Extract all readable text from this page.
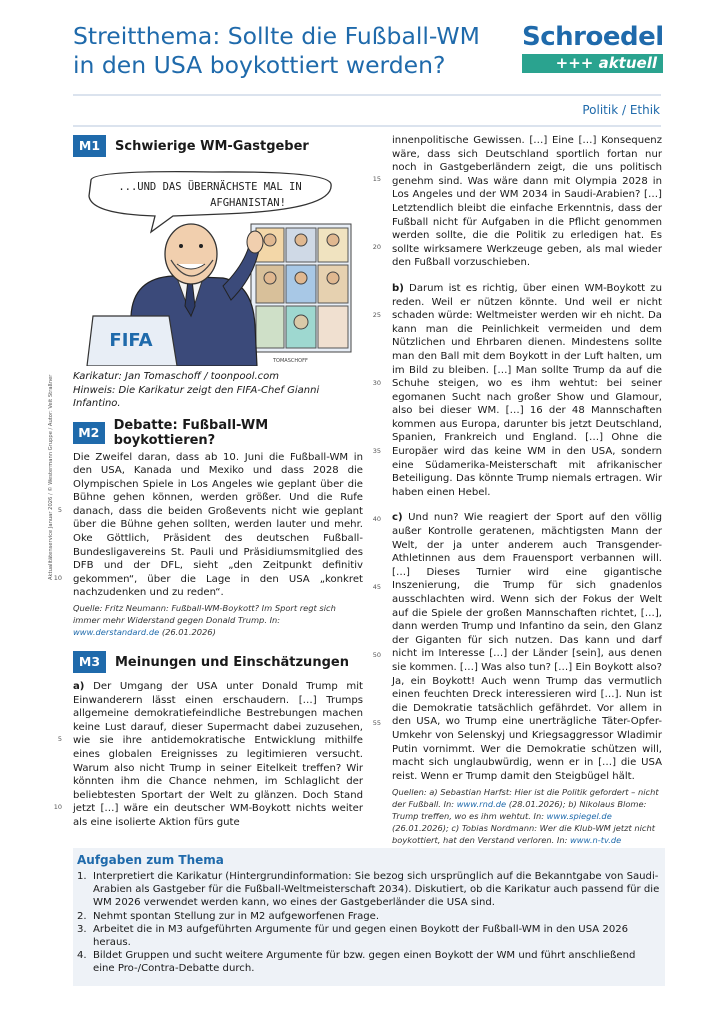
Streitthema: Sollte die Fußball-WM
in den USA boykottiert werden?
Schroedel
+++ aktuell
Politik / Ethik
Aktualitätenservice Januar 2026 / © Westermann Gruppe / Autor: Veit Straßner
M1	Schwierige WM-Gastgeber
...UND DAS ÜBERNÄCHSTE MAL IN
AFGHANISTAN!
FIFA
TOMASCHOFF
Karikatur: Jan Tomaschoff / toonpool.com
Hinweis: Die Karikatur zeigt den FIFA-Chef Gianni Infantino.
M2	Debatte: Fußball-WM boykottieren?
5
10
Die Zweifel daran, dass ab 10. Juni die Fußball-WM in den USA, Kanada und Mexiko und dass 2028 die Olympischen Spiele in Los Angeles wie geplant über die Bühne gehen können, werden größer. Und die Rufe danach, dass die beiden Großevents nicht wie geplant über die Bühne gehen sollten, werden lauter und mehr. Oke Göttlich, Präsident des deutschen Fußball-Bundesligavereins St. Pauli und Präsidiumsmitglied des DFB und der DFL, sieht „den Zeitpunkt definitiv gekommen“, über die Lage in den USA „konkret nachzudenken und zu reden“.
Quelle: Fritz Neumann: Fußball-WM-Boykott? Im Sport regt sich immer mehr Widerstand gegen Donald Trump. In: www.derstandard.de (26.01.2026)
M3	Meinungen und Einschätzungen
5
10
a) Der Umgang der USA unter Donald Trump mit Einwanderern lässt einen erschaudern. […] Trumps allgemeine demokratiefeindliche Bestrebungen machen keine Lust darauf, dieser Supermacht dabei zuzusehen, wie sie ihre antidemokratische Entwicklung mithilfe eines globalen Ereignisses zu legitimieren versucht. Warum also nicht Trump in seiner Eitelkeit treffen? Wir könnten ihm die Chance nehmen, im Schlaglicht der beliebtesten Sportart der Welt zu glänzen. Doch Stand jetzt […] wäre ein deutscher WM-Boykott nichts weiter als eine isolierte Aktion fürs gute
15
20
25
30
35
40
45
50
55
innenpolitische Gewissen. […] Eine […] Konsequenz wäre, dass sich Deutschland sportlich fortan nur noch in Gastgeberländern zeigt, die uns politisch genehm sind. Was wäre dann mit Olympia 2028 in Los Angeles und der WM 2034 in Saudi-Arabien? […] Letztendlich bleibt die einfache Erkenntnis, dass der Fußball nicht für Aufgaben in die Pflicht genommen werden sollte, die die Politik zu erledigen hat. Es sollte wirksamere Werkzeuge geben, als mal wieder den Fußball vorzuschieben.
b) Darum ist es richtig, über einen WM-Boykott zu reden. Weil er nützen könnte. Und weil er nicht schaden würde: Weltmeister werden wir eh nicht. Da kann man die Peinlichkeit vermeiden und dem Nützlichen und Ehrbaren dienen. Mindestens sollte man den Ball mit dem Boykott in der Luft halten, um im Bild zu bleiben. […] Man sollte Trump da auf die Schuhe steigen, wo es ihm wehtut: bei seiner egomanen Sucht nach großer Show und Glamour, also bei dieser WM. […] 16 der 48 Mannschaften kommen aus Europa, darunter bis jetzt Deutschland, Spanien, Frankreich und England. […] Ohne die Europäer wird das keine WM in den USA, sondern eine Südamerika-Meisterschaft mit afrikanischer Beteiligung. Das könnte Trump niemals ertragen. Wir haben einen Hebel.
c) Und nun? Wie reagiert der Sport auf den völlig außer Kontrolle geratenen, mächtigsten Mann der Welt, der ja unter anderem auch Transgender-Athletinnen aus dem Frauensport verbannen will. […] Dieses Turnier wird eine gigantische Inszenierung, die Trump für sich gnadenlos ausschlachten wird. Wenn sich der Fokus der Welt auf die Spiele der großen Mannschaften richtet, […], dann werden Trump und Infantino da sein, den Glanz der Giganten für sich nutzen. Das kann und darf nicht im Interesse […] der Länder [sein], aus denen sie kommen. […] Was also tun? […] Ein Boykott also? Ja, ein Boykott! Auch wenn Trump das vermutlich einen feuchten Dreck interessieren wird […]. Nun ist die Demokratie tatsächlich gefährdet. Vor allem in den USA, wo Trump eine unerträgliche Täter-Opfer-Umkehr von Selenskyj und Kriegsaggressor Wladimir Putin vornimmt. Wer die Demokratie schützen will, macht sich unglaubwürdig, wenn er in […] die USA reist. Wenn er Trump damit den Steigbügel hält.
Quellen: a) Sebastian Harfst: Hier ist die Politik gefordert – nicht der Fußball. In: www.rnd.de (28.01.2026); b) Nikolaus Blome: Trump treffen, wo es ihm wehtut. In: www.spiegel.de (26.01.2026); c) Tobias Nordmann: Wer die Klub-WM jetzt nicht boykottiert, hat den Verstand verloren. In: www.n-tv.de
Aufgaben zum Thema
1. Interpretiert die Karikatur (Hintergrundinformation: Sie bezog sich ursprünglich auf die Bekanntgabe von Saudi-Arabien als Gastgeber für die Fußball-Weltmeisterschaft 2034). Diskutiert, ob die Karikatur auch passend für die WM 2026 verwendet werden kann, wo eines der Gastgeberländer die USA sind.
2. Nehmt spontan Stellung zur in M2 aufgeworfenen Frage.
3. Arbeitet die in M3 aufgeführten Argumente für und gegen einen Boykott der Fußball-WM in den USA 2026 heraus.
4. Bildet Gruppen und sucht weitere Argumente für bzw. gegen einen Boykott der WM und führt anschließend eine Pro-/Contra-Debatte durch.
